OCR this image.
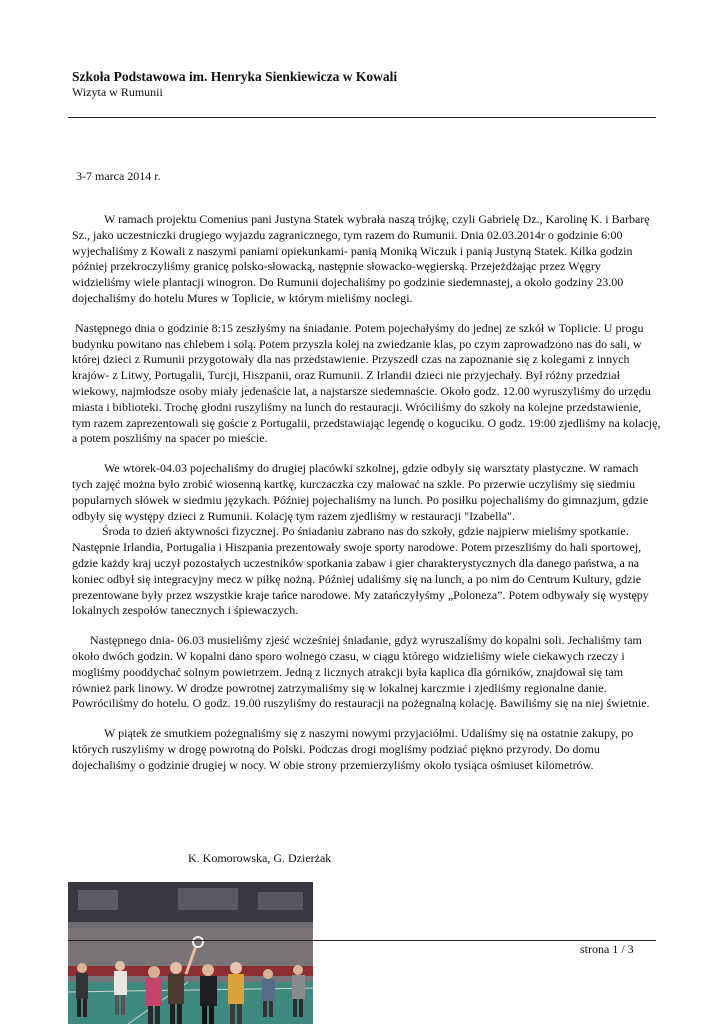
Szkoła Podstawowa im. Henryka Sienkiewicza w Kowali

Wizyta w Rumunii

3-7 marca 2014 r.

W ramach projektu Comenius pani Justyna Statek wybrała naszą trójkę, czyli Gabrielę Dz., Karolinę K. i Barbarę Sz., jako uczestniczki drugiego wyjazdu zagranicznego, tym razem do Rumunii. Dnia 02.03.2014r o godzinie 6:00 wyjechaliśmy z Kowali z naszymi paniami opiekunkami- panią Moniką Wiczuk i panią Justyną Statek. Kilka godzin później przekroczyliśmy granicę polsko-słowacką, następnie słowacko-węgierską. Przejeżdżając przez Węgry widzieliśmy wiele plantacji winogron. Do Rumunii dojechaliśmy po godzinie siedemnastej, a około godziny 23.00 dojechaliśmy do hotelu Mures w Toplicie, w którym mieliśmy noclegi.

Następnego dnia o godzinie 8:15 zeszłyśmy na śniadanie. Potem pojechałyśmy do jednej ze szkół w Toplicie. U progu budynku powitano nas chlebem i solą. Potem przyszła kolej na zwiedzanie klas, po czym zaprowadzono nas do sali, w której dzieci z Rumunii przygotowały dla nas przedstawienie. Przyszedł czas na zapoznanie się z kolegami z innych krajów- z Litwy, Portugalii, Turcji, Hiszpanii, oraz Rumunii. Z Irlandii dzieci nie przyjechały. Był różny przedział wiekowy, najmłodsze osoby miały jedenaście lat, a najstarsze siedemnaście. Około godz. 12.00 wyruszyliśmy do urzędu miasta i biblioteki. Trochę głodni ruszyliśmy na lunch do restauracji. Wróciliśmy do szkoły na kolejne przedstawienie, tym razem zaprezentowali się goście z Portugalii, przedstawiając legendę o koguciku. O godz. 19:00 zjedliśmy na kolację, a potem poszliśmy na spacer po mieście.

We wtorek-04.03 pojechaliśmy do drugiej placówki szkolnej, gdzie odbyły się warsztaty plastyczne. W ramach tych zajęć można było zrobić wiosenną kartkę, kurczaczka czy malować na szkle. Po przerwie uczyliśmy się siedmiu popularnych słówek w siedmiu językach. Później pojechaliśmy na lunch. Po posiłku pojechaliśmy do gimnazjum, gdzie odbyły się występy dzieci z Rumunii. Kolację tym razem zjedliśmy w restauracji "Izabella".

Środa to dzień aktywności fizycznej. Po śniadaniu zabrano nas do szkoły, gdzie najpierw mieliśmy spotkanie. Następnie Irlandia, Portugalia i Hiszpania prezentowały swoje sporty narodowe. Potem przeszliśmy do hali sportowej, gdzie każdy kraj uczył pozostałych uczestników spotkania zabaw i gier charakterystycznych dla danego państwa, a na koniec odbył się integracyjny mecz w piłkę nożną. Później udaliśmy się na lunch, a po nim do Centrum Kultury, gdzie prezentowane były przez wszystkie kraje tańce narodowe. My zatańczyłyśmy „Poloneza”. Potem odbywały się występy lokalnych zespołów tanecznych i śpiewaczych.

Następnego dnia- 06.03 musieliśmy zjeść wcześniej śniadanie, gdyż wyruszaliśmy do kopalni soli. Jechaliśmy tam około dwóch godzin. W kopalni dano sporo wolnego czasu, w ciągu którego widzieliśmy wiele ciekawych rzeczy i mogliśmy pooddychać solnym powietrzem. Jedną z licznych atrakcji była kaplica dla górników, znajdował się tam również park linowy. W drodze powrotnej zatrzymaliśmy się w lokalnej karczmie i zjedliśmy regionalne danie. Powróciliśmy do hotelu. O godz. 19.00 ruszyliśmy do restauracji na pożegnalną kolację. Bawiliśmy się na niej świetnie.

W piątek ze smutkiem pożegnaliśmy się z naszymi nowymi przyjaciółmi. Udaliśmy się na ostatnie zakupy, po których ruszyliśmy w drogę powrotną do Polski. Podczas drogi mogliśmy podziać piękno przyrody. Do domu dojechaliśmy o godzinie drugiej w nocy. W obie strony przemierzyliśmy około tysiąca ośmiuset kilometrów.

K. Komorowska, G. Dzierżak
strona 1 / 3
